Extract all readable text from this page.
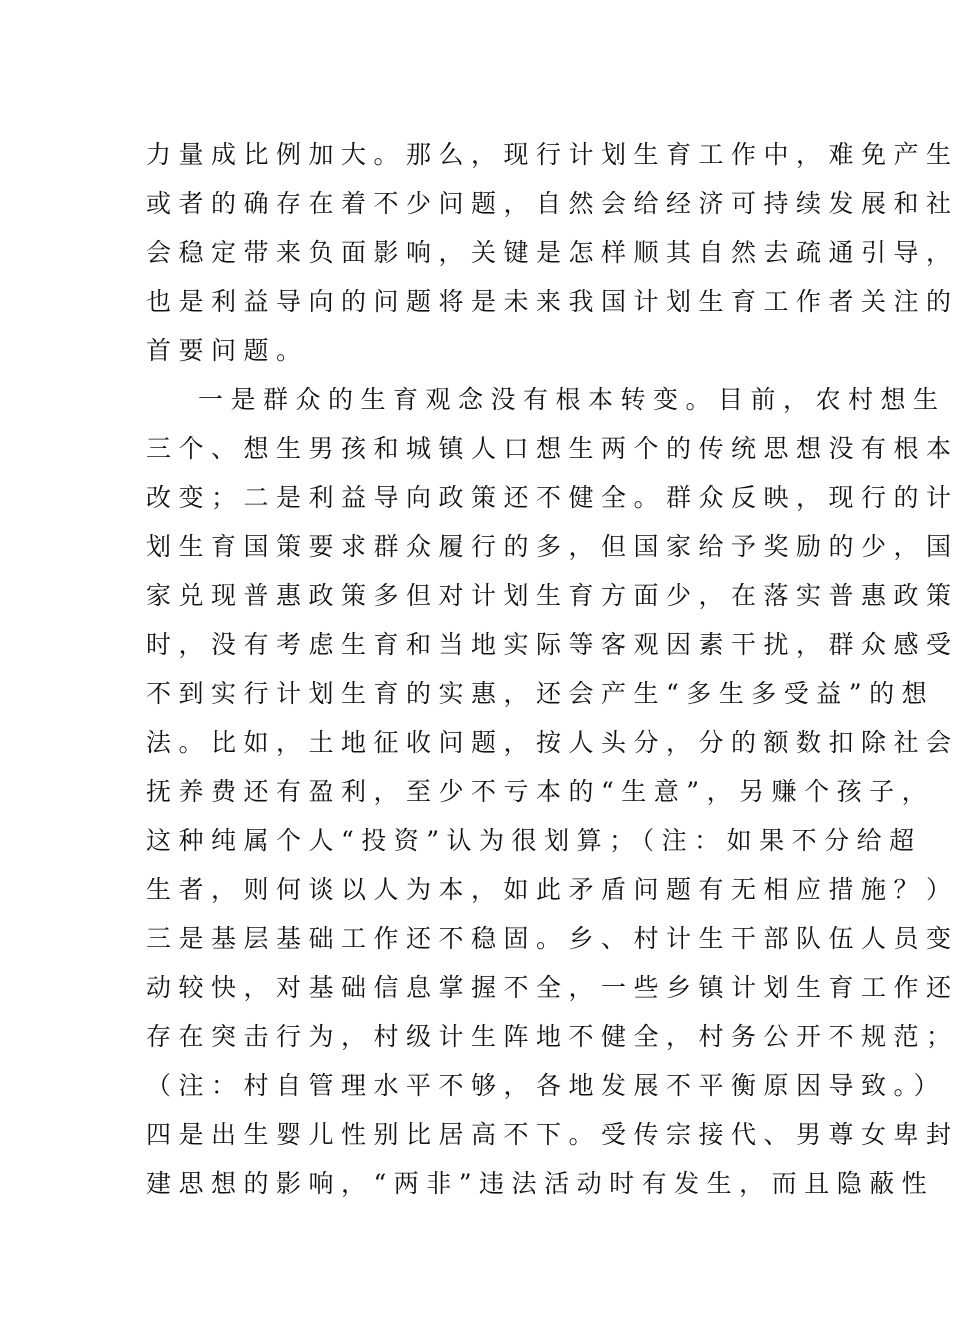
力量成比例加大。那么，现行计划生育工作中，难免产生
或者的确存在着不少问题，自然会给经济可持续发展和社
会稳定带来负面影响，关键是怎样顺其自然去疏通引导，
也是利益导向的问题将是未来我国计划生育工作者关注的
首要问题。
一是群众的生育观念没有根本转变。目前，农村想生
三个、想生男孩和城镇人口想生两个的传统思想没有根本
改变；二是利益导向政策还不健全。群众反映，现行的计
划生育国策要求群众履行的多，但国家给予奖励的少，国
家兑现普惠政策多但对计划生育方面少，在落实普惠政策
时，没有考虑生育和当地实际等客观因素干扰，群众感受
不到实行计划生育的实惠，还会产生“多生多受益”的想
法。比如，土地征收问题，按人头分，分的额数扣除社会
抚养费还有盈利，至少不亏本的“生意”，另赚个孩子，
这种纯属个人“投资”认为很划算；（注：如果不分给超
生者，则何谈以人为本，如此矛盾问题有无相应措施？）
三是基层基础工作还不稳固。乡、村计生干部队伍人员变
动较快，对基础信息掌握不全，一些乡镇计划生育工作还
存在突击行为，村级计生阵地不健全，村务公开不规范；
（注：村自管理水平不够，各地发展不平衡原因导致。）
四是出生婴儿性别比居高不下。受传宗接代、男尊女卑封
建思想的影响，“两非”违法活动时有发生，而且隐蔽性
